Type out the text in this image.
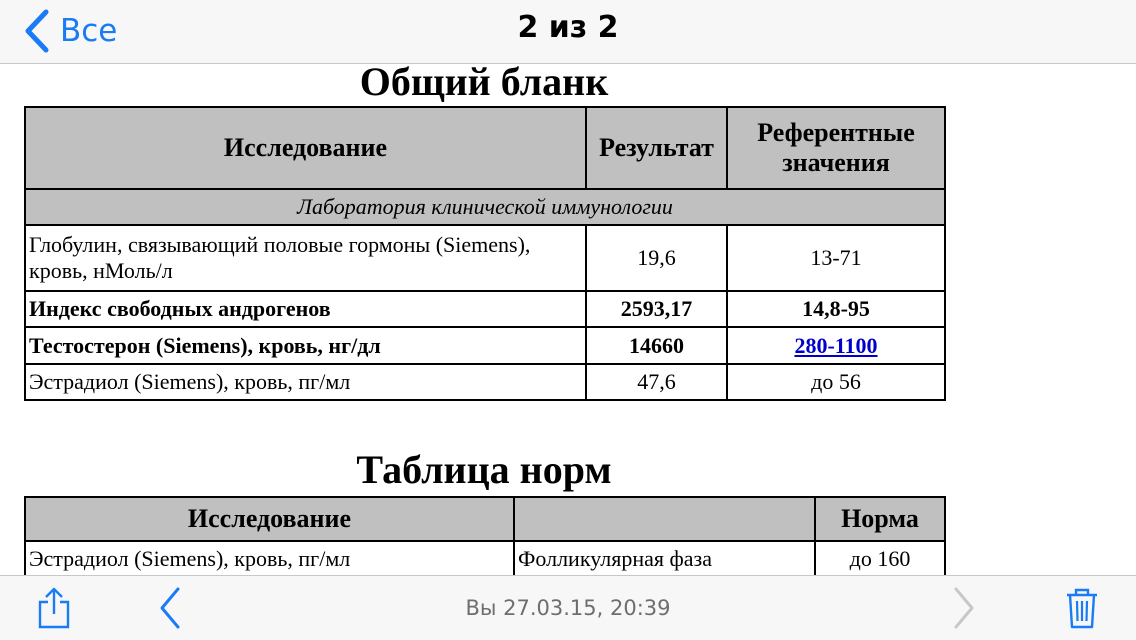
Все	2 из 2
Общий бланк
Исследование	Результат	Референтные значения
Лаборатория клинической иммунологии		
Глобулин, связывающий половые гормоны (Siemens), кровь, нМоль/л	19,6	13-71
Индекс свободных андрогенов	2593,17	14,8-95
Тестостерон (Siemens), кровь, нг/дл	14660	280-1100
Эстрадиол (Siemens), кровь, пг/мл	47,6	до 56
Таблица норм
Исследование		Норма
Эстрадиол (Siemens), кровь, пг/мл	Фолликулярная фаза	до 160
Вы 27.03.15, 20:39
